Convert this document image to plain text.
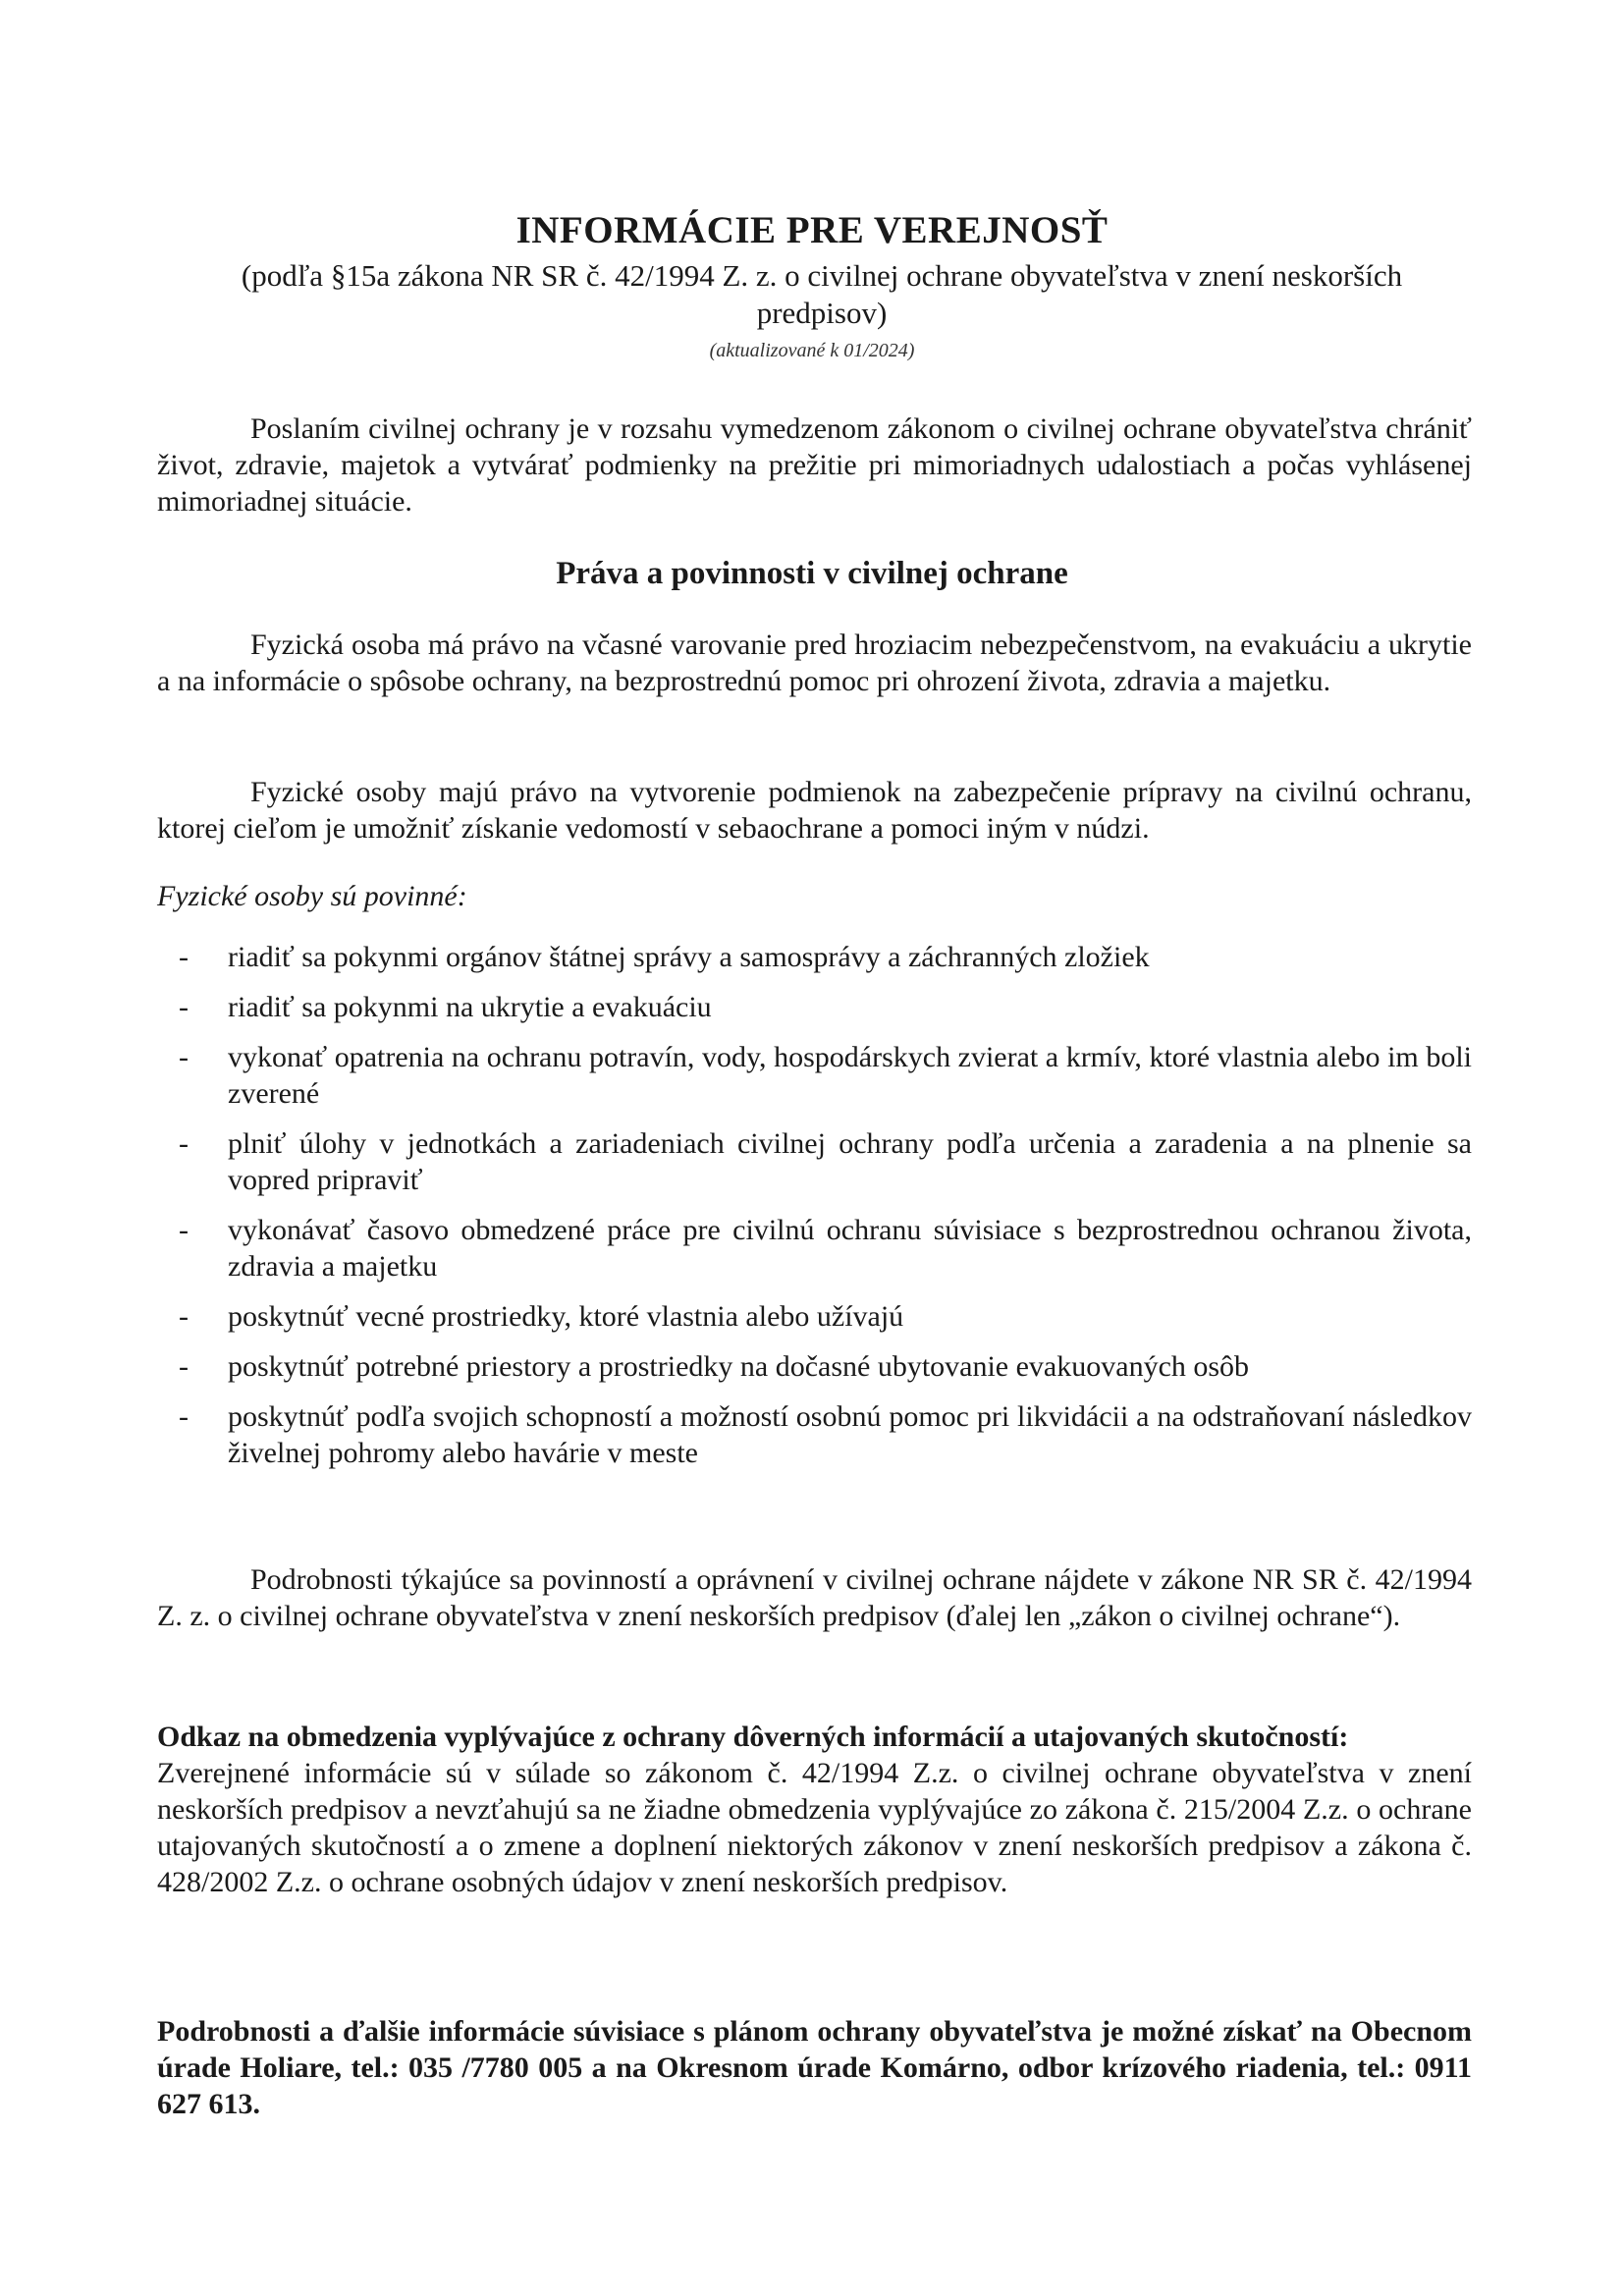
INFORMÁCIE PRE VEREJNOSŤ
(podľa §15a zákona NR SR č. 42/1994 Z. z. o civilnej ochrane obyvateľstva v znení neskorších predpisov)
(aktualizované k 01/2024)
Poslaním civilnej ochrany je v rozsahu vymedzenom zákonom o civilnej ochrane obyvateľstva chrániť život, zdravie, majetok a vytvárať podmienky na prežitie pri mimoriadnych udalostiach a počas vyhlásenej mimoriadnej situácie.
Práva a povinnosti v civilnej ochrane
Fyzická osoba má právo na včasné varovanie pred hroziacim nebezpečenstvom, na evakuáciu a ukrytie a na informácie o spôsobe ochrany, na bezprostrednú pomoc pri ohrození života, zdravia a majetku.
Fyzické osoby majú právo na vytvorenie podmienok na zabezpečenie prípravy na civilnú ochranu, ktorej cieľom je umožniť získanie vedomostí v sebaochrane a pomoci iným v núdzi.
Fyzické osoby sú povinné:
- riadiť sa pokynmi orgánov štátnej správy a samosprávy a záchranných zložiek
- riadiť sa pokynmi na ukrytie a evakuáciu
- vykonať opatrenia na ochranu potravín, vody, hospodárskych zvierat a krmív, ktoré vlastnia alebo im boli zverené
- plniť úlohy v jednotkách a zariadeniach civilnej ochrany podľa určenia a zaradenia a na plnenie sa vopred pripraviť
- vykonávať časovo obmedzené práce pre civilnú ochranu súvisiace s bezprostrednou ochranou života, zdravia a majetku
- poskytnúť vecné prostriedky, ktoré vlastnia alebo užívajú
- poskytnúť potrebné priestory a prostriedky na dočasné ubytovanie evakuovaných osôb
- poskytnúť podľa svojich schopností a možností osobnú pomoc pri likvidácii a na odstraňovaní následkov živelnej pohromy alebo havárie v meste
Podrobnosti týkajúce sa povinností a oprávnení v civilnej ochrane nájdete v zákone NR SR č. 42/1994 Z. z. o civilnej ochrane obyvateľstva v znení neskorších predpisov (ďalej len „zákon o civilnej ochrane“).
Odkaz na obmedzenia vyplývajúce z ochrany dôverných informácií a utajovaných skutočností:
Zverejnené informácie sú v súlade so zákonom č. 42/1994 Z.z. o civilnej ochrane obyvateľstva v znení neskorších predpisov a nevzťahujú sa ne žiadne obmedzenia vyplývajúce zo zákona č. 215/2004 Z.z. o ochrane utajovaných skutočností a o zmene a doplnení niektorých zákonov v znení neskorších predpisov a zákona č. 428/2002 Z.z. o ochrane osobných údajov v znení neskorších predpisov.
Podrobnosti a ďalšie informácie súvisiace s plánom ochrany obyvateľstva je možné získať na Obecnom úrade Holiare, tel.: 035 /7780 005 a na Okresnom úrade Komárno, odbor krízového riadenia, tel.: 0911 627 613.
